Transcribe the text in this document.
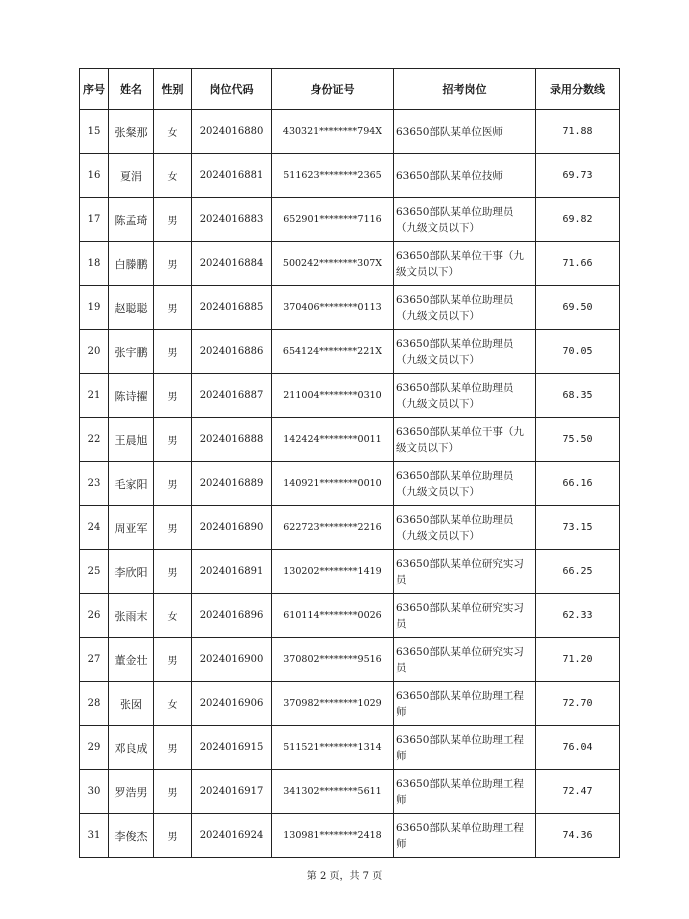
序号	姓名	性别	岗位代码	身份证号	招考岗位	录用分数线
15	张粲那	女	2024016880	430321********794X	63650部队某单位医师	71.88
16	夏涓	女	2024016881	511623********2365	63650部队某单位技师	69.73
17	陈孟琦	男	2024016883	652901********7116	63650部队某单位助理员（九级文员以下）	69.82
18	白滕鹏	男	2024016884	500242********307X	63650部队某单位干事（九级文员以下）	71.66
19	赵聪聪	男	2024016885	370406********0113	63650部队某单位助理员（九级文员以下）	69.50
20	张宇鹏	男	2024016886	654124********221X	63650部队某单位助理员（九级文员以下）	70.05
21	陈诗擢	男	2024016887	211004********0310	63650部队某单位助理员（九级文员以下）	68.35
22	王晨旭	男	2024016888	142424********0011	63650部队某单位干事（九级文员以下）	75.50
23	毛家阳	男	2024016889	140921********0010	63650部队某单位助理员（九级文员以下）	66.16
24	周亚军	男	2024016890	622723********2216	63650部队某单位助理员（九级文员以下）	73.15
25	李欣阳	男	2024016891	130202********1419	63650部队某单位研究实习员	66.25
26	张雨末	女	2024016896	610114********0026	63650部队某单位研究实习员	62.33
27	董金壮	男	2024016900	370802********9516	63650部队某单位研究实习员	71.20
28	张囡	女	2024016906	370982********1029	63650部队某单位助理工程师	72.70
29	邓良成	男	2024016915	511521********1314	63650部队某单位助理工程师	76.04
30	罗浩男	男	2024016917	341302********5611	63650部队某单位助理工程师	72.47
31	李俊杰	男	2024016924	130981********2418	63650部队某单位助理工程师	74.36
第 2 页，共 7 页
